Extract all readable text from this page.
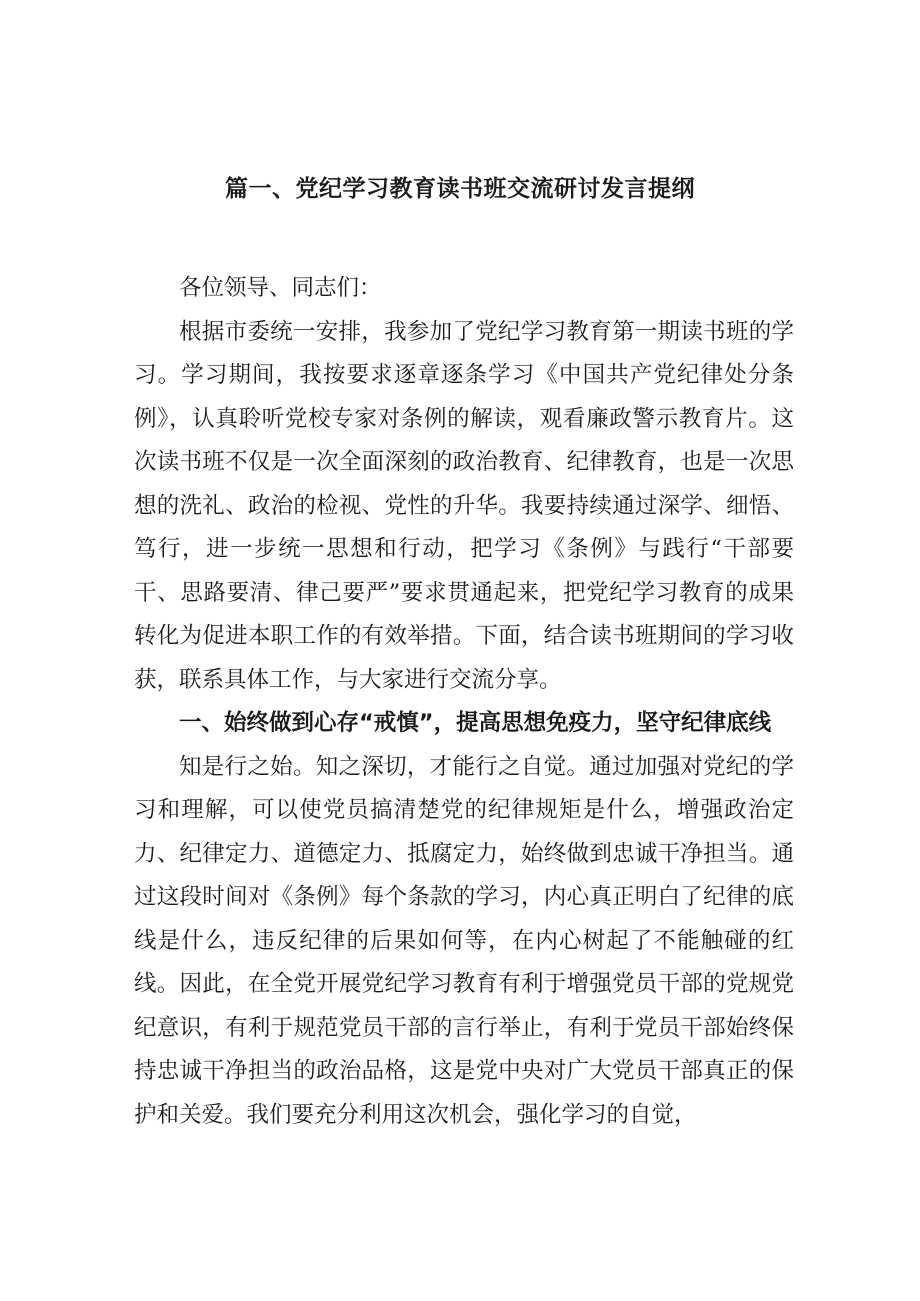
篇一、党纪学习教育读书班交流研讨发言提纲

各位领导、同志们：

根据市委统一安排，我参加了党纪学习教育第一期读书班的学习。学习期间，我按要求逐章逐条学习《中国共产党纪律处分条例》，认真聆听党校专家对条例的解读，观看廉政警示教育片。这次读书班不仅是一次全面深刻的政治教育、纪律教育，也是一次思想的洗礼、政治的检视、党性的升华。我要持续通过深学、细悟、笃行，进一步统一思想和行动，把学习《条例》与践行“干部要干、思路要清、律己要严”要求贯通起来，把党纪学习教育的成果转化为促进本职工作的有效举措。下面，结合读书班期间的学习收获，联系具体工作，与大家进行交流分享。

一、始终做到心存“戒慎”，提高思想免疫力，坚守纪律底线

知是行之始。知之深切，才能行之自觉。通过加强对党纪的学习和理解，可以使党员搞清楚党的纪律规矩是什么，增强政治定力、纪律定力、道德定力、抵腐定力，始终做到忠诚干净担当。通过这段时间对《条例》每个条款的学习，内心真正明白了纪律的底线是什么，违反纪律的后果如何等，在内心树起了不能触碰的红线。因此，在全党开展党纪学习教育有利于增强党员干部的党规党纪意识，有利于规范党员干部的言行举止，有利于党员干部始终保持忠诚干净担当的政治品格，这是党中央对广大党员干部真正的保护和关爱。我们要充分利用这次机会，强化学习的自觉，
